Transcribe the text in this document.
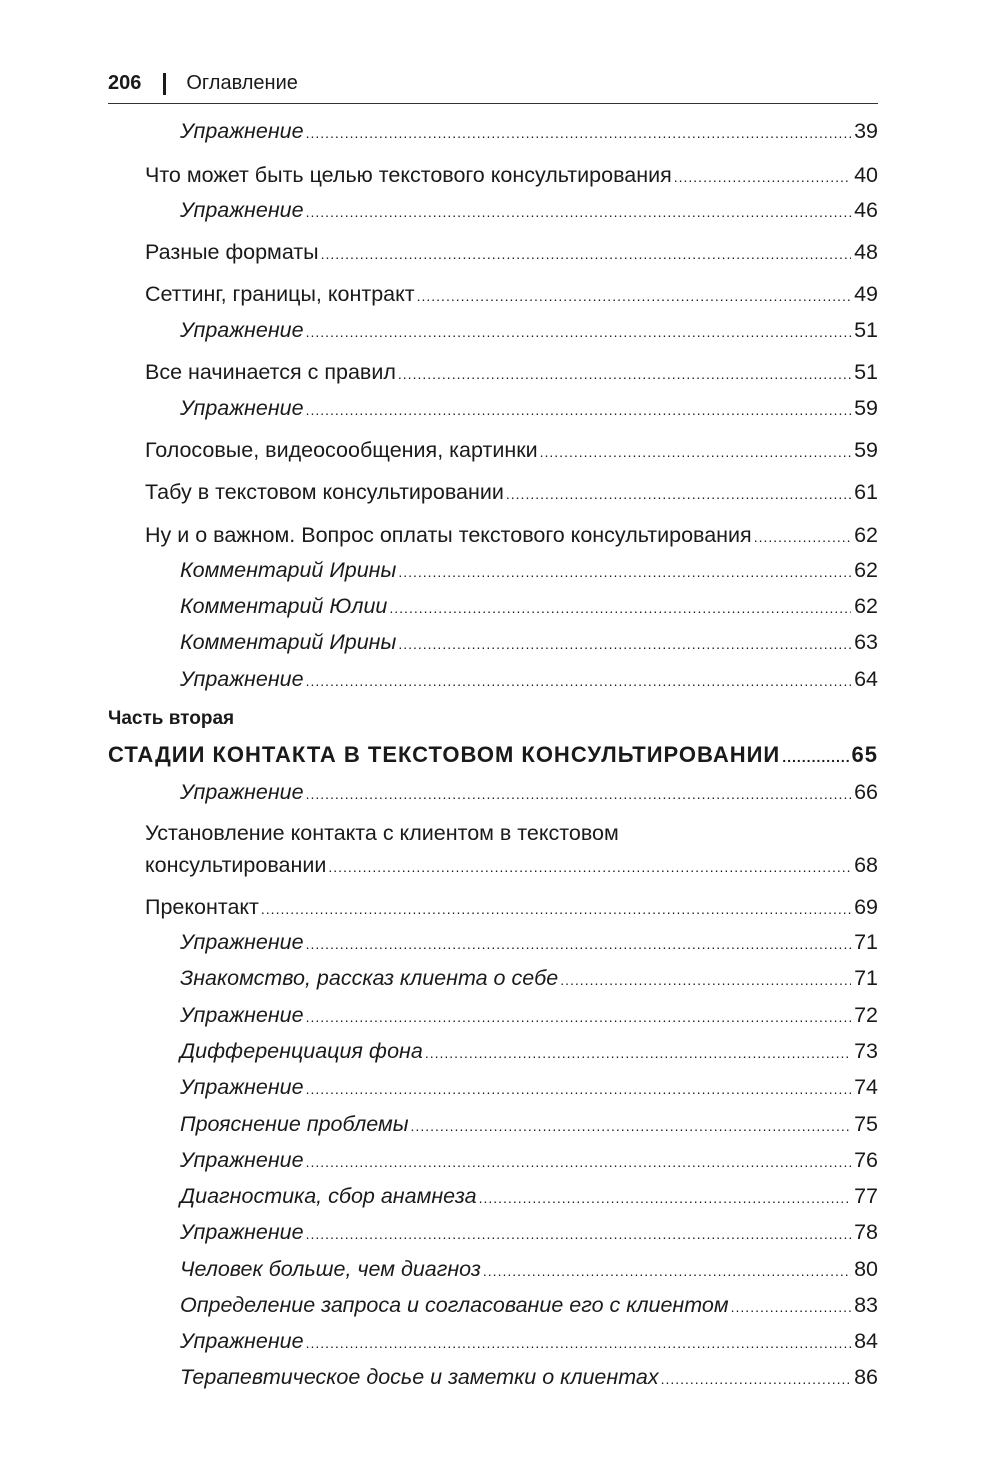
206 Оглавление
Упражнение .....	39
Что может быть целью текстового консультирования .....	40
Упражнение .....	46
Разные форматы .....	48
Сеттинг, границы, контракт .....	49
Упражнение .....	51
Все начинается с правил .....	51
Упражнение .....	59
Голосовые, видеосообщения, картинки .....	59
Табу в текстовом консультировании .....	61
Ну и о важном. Вопрос оплаты текстового консультирования .....	62
Комментарий Ирины .....	62
Комментарий Юлии .....	62
Комментарий Ирины .....	63
Упражнение .....	64
Часть вторая
СТАДИИ КОНТАКТА В ТЕКСТОВОМ КОНСУЛЬТИРОВАНИИ .....	65
Упражнение .....	66
Установление контакта с клиентом в текстовом
консультировании .....	68
Преконтакт .....	69
Упражнение .....	71
Знакомство, рассказ клиента о себе .....	71
Упражнение .....	72
Дифференциация фона .....	73
Упражнение .....	74
Прояснение проблемы .....	75
Упражнение .....	76
Диагностика, сбор анамнеза .....	77
Упражнение .....	78
Человек больше, чем диагноз .....	80
Определение запроса и согласование его с клиентом .....	83
Упражнение .....	84
Терапевтическое досье и заметки о клиентах .....	86
